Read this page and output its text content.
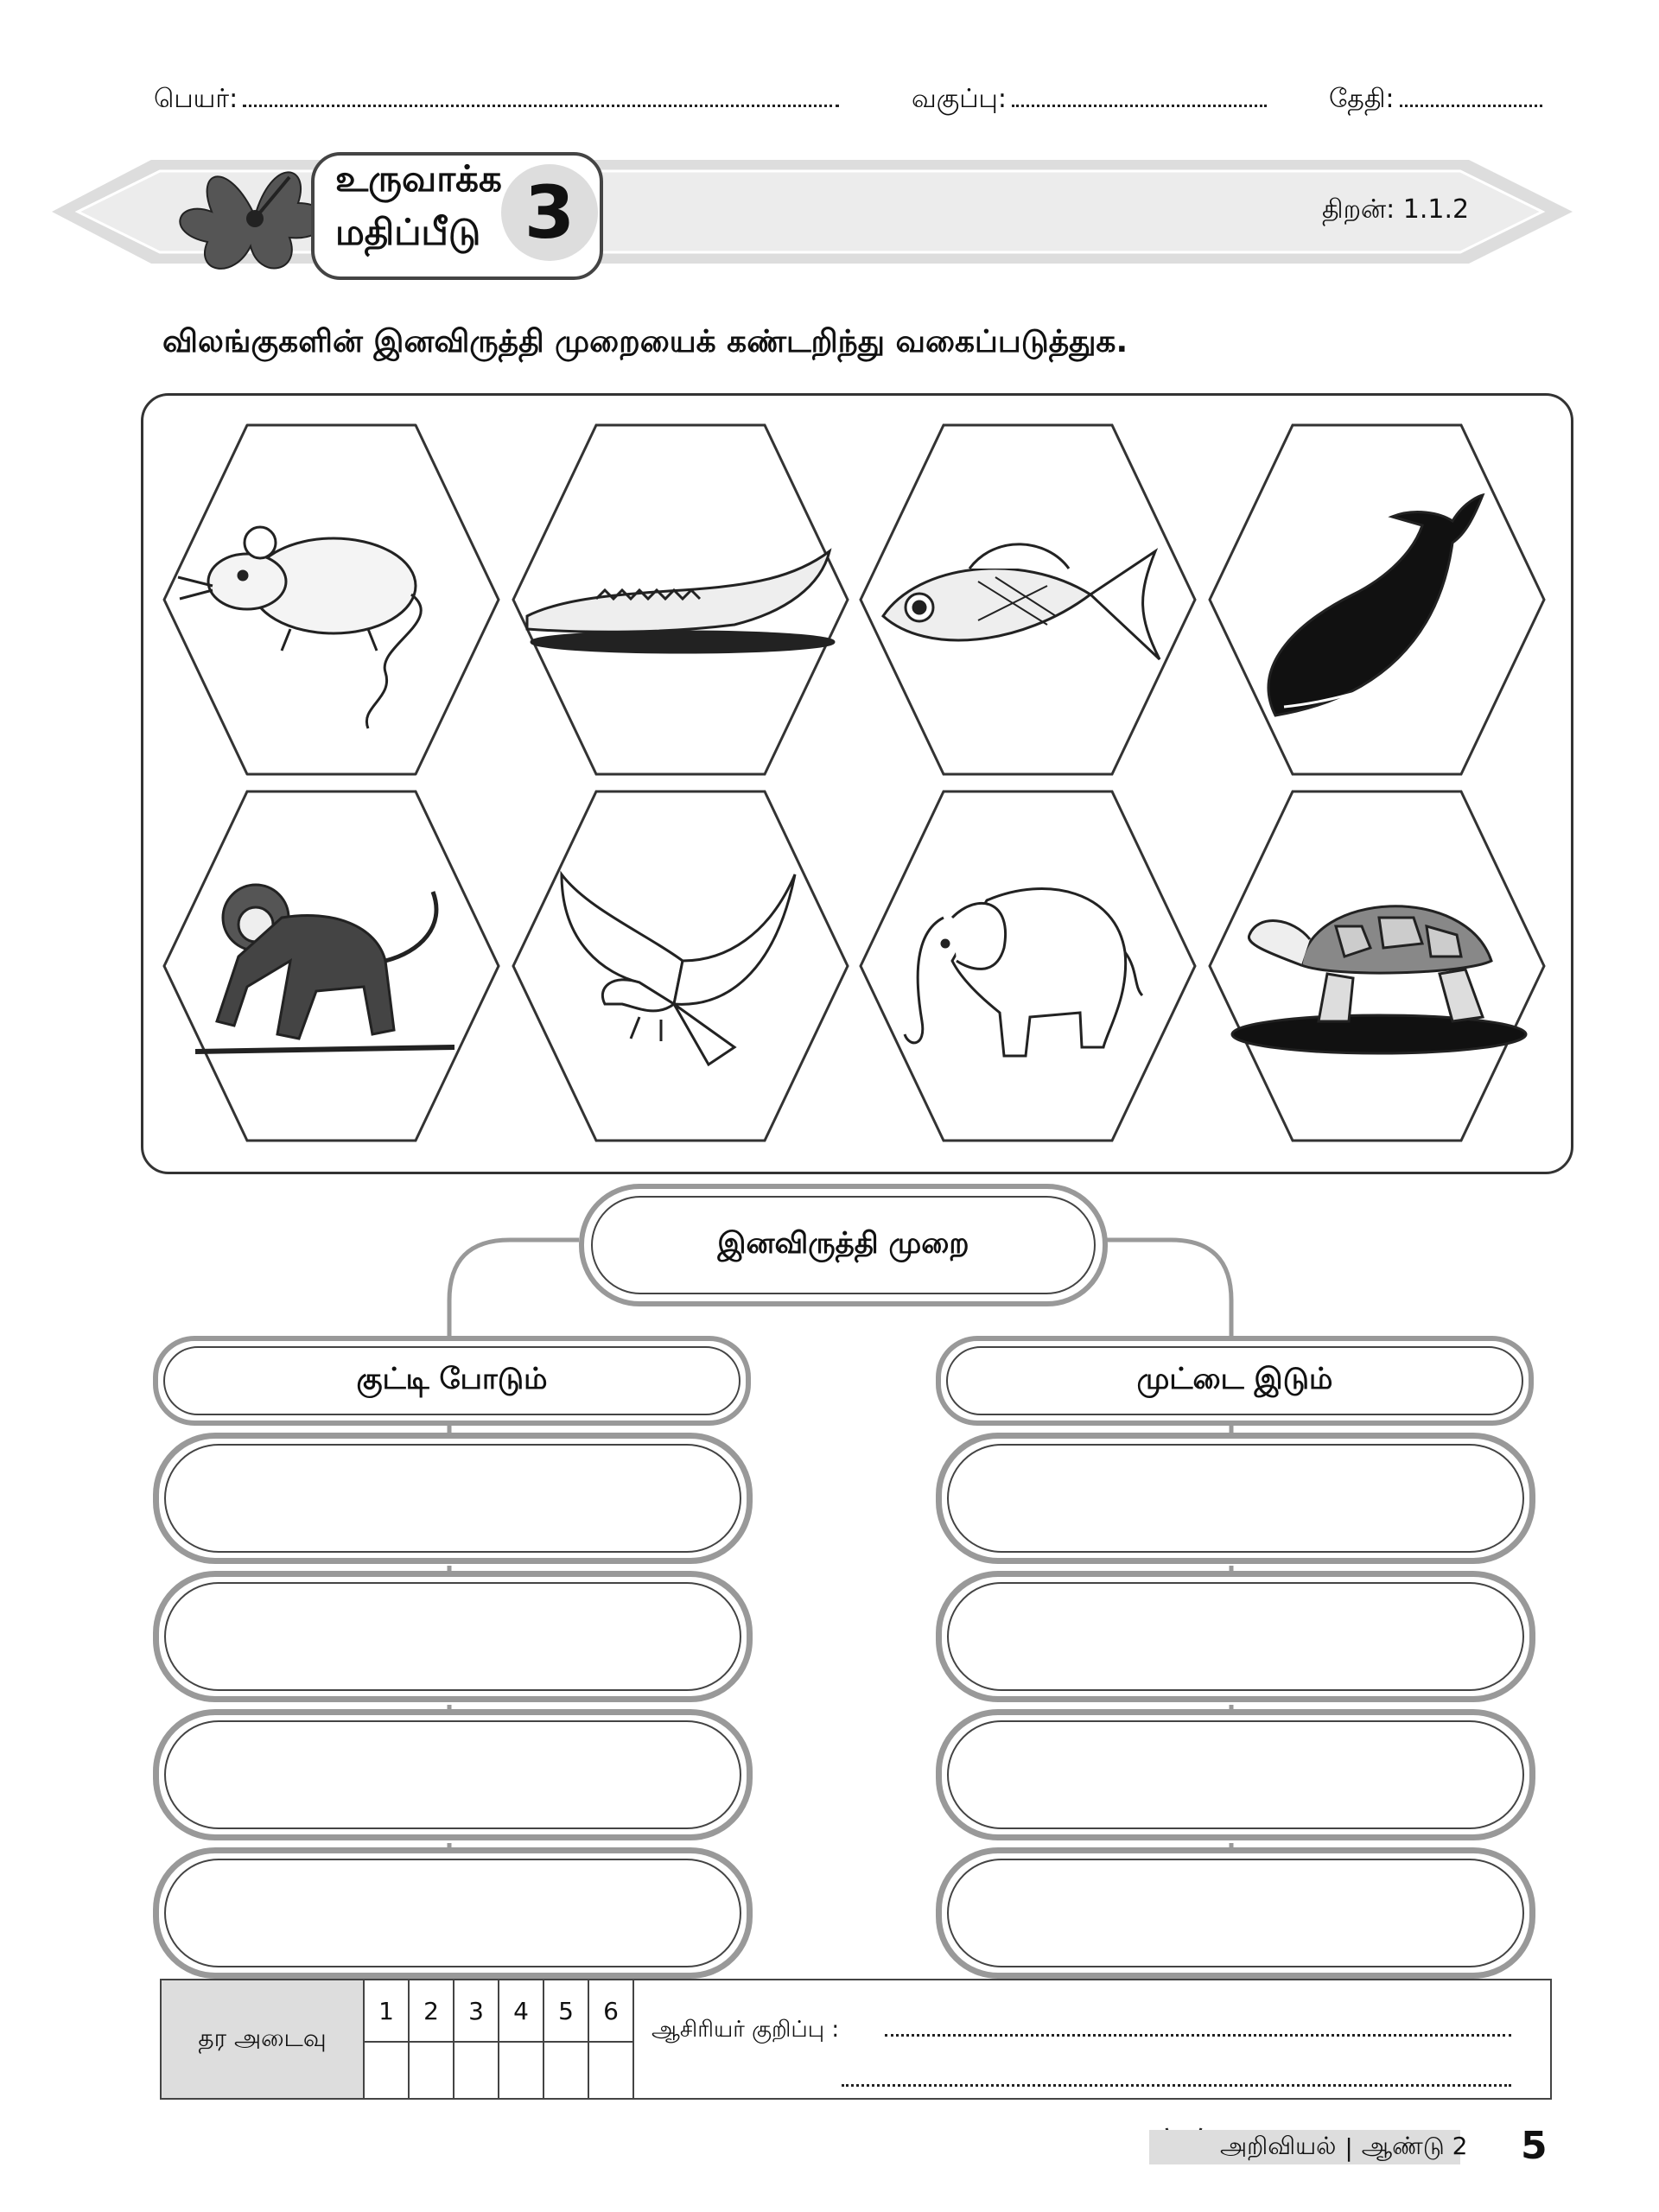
பெயர்:	வகுப்பு:	தேதி:
உருவாக்க
மதிப்பீடு 3	திறன்: 1.1.2
விலங்குகளின் இனவிருத்தி முறையைக் கண்டறிந்து வகைப்படுத்துக.
இனவிருத்தி முறை
குட்டி போடும்	முட்டை இடும்
தர அடைவு	1	2	3	4	5	6	ஆசிரியர் குறிப்பு :

அறிவியல் | ஆண்டு 2 5
